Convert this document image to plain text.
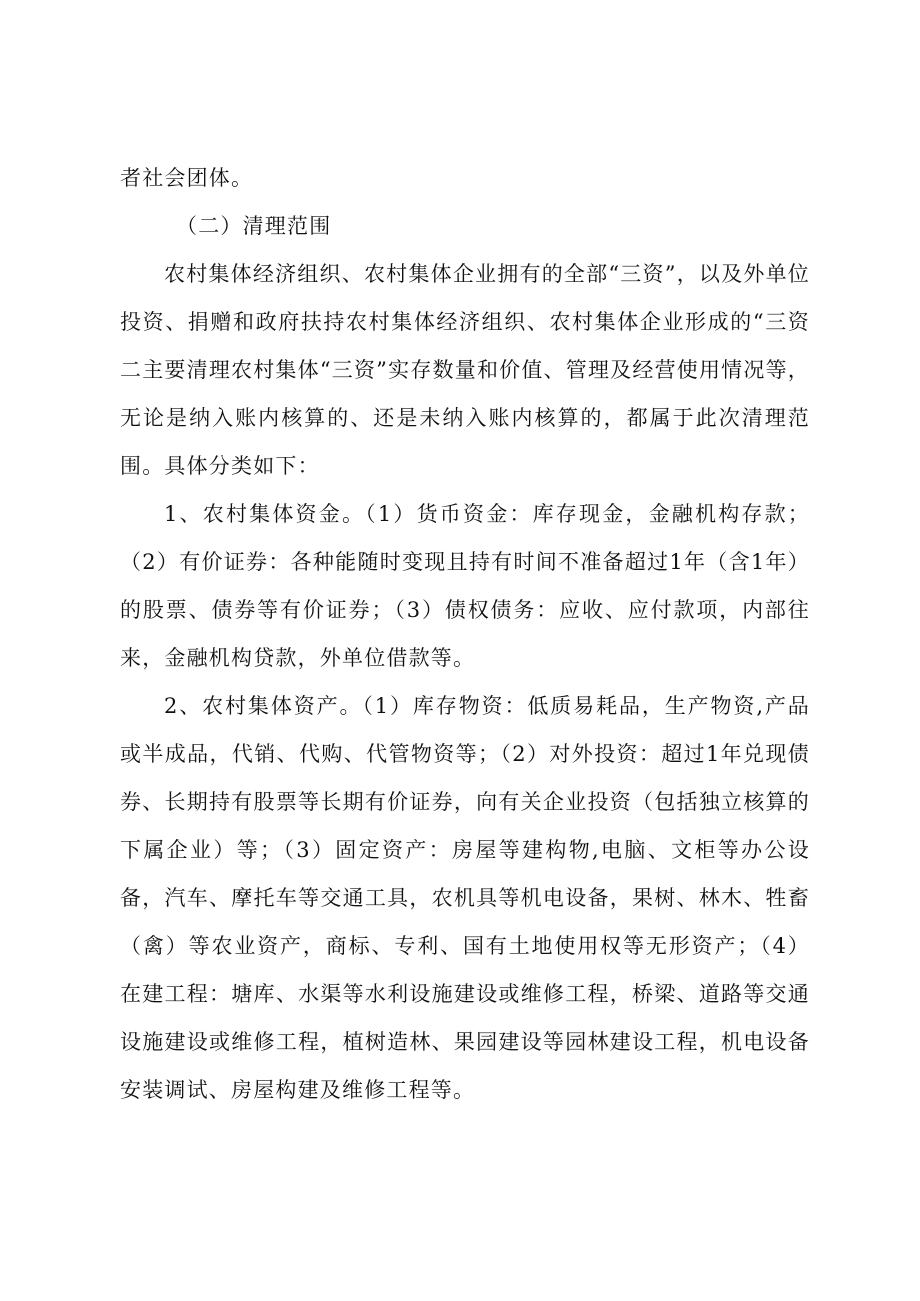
者社会团体。

（二）清理范围

农村集体经济组织、农村集体企业拥有的全部“三资”，以及外单位投资、捐赠和政府扶持农村集体经济组织、农村集体企业形成的“三资二主要清理农村集体“三资”实存数量和价值、管理及经营使用情况等，无论是纳入账内核算的、还是未纳入账内核算的，都属于此次清理范围。具体分类如下：

1、农村集体资金。（1）货币资金：库存现金，金融机构存款；（2）有价证券：各种能随时变现且持有时间不准备超过1年（含1年）的股票、债券等有价证券；（3）债权债务：应收、应付款项，内部往来，金融机构贷款，外单位借款等。

2、农村集体资产。（1）库存物资：低质易耗品，生产物资,产品或半成品，代销、代购、代管物资等；（2）对外投资：超过1年兑现债券、长期持有股票等长期有价证券，向有关企业投资（包括独立核算的下属企业）等；（3）固定资产：房屋等建构物,电脑、文柜等办公设备，汽车、摩托车等交通工具，农机具等机电设备，果树、林木、牲畜（禽）等农业资产，商标、专利、国有土地使用权等无形资产；（4）在建工程：塘库、水渠等水利设施建设或维修工程，桥梁、道路等交通设施建设或维修工程，植树造林、果园建设等园林建设工程，机电设备安装调试、房屋构建及维修工程等。
